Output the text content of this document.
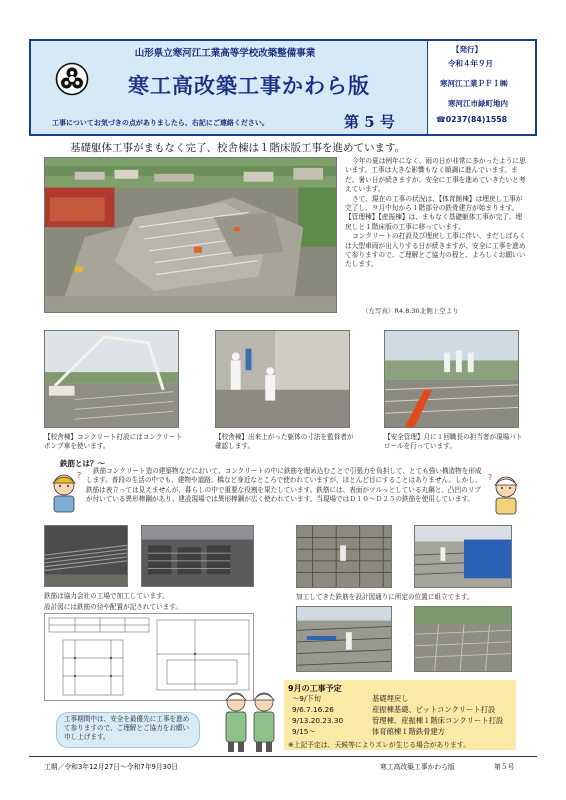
山形県立寒河江工業高等学校改築整備事業
寒工高改築工事かわら版
工事についてお気づきの点がありましたら、右記にご連絡ください。	第 5 号
【発行】
令和４年９月
寒河江工業ＰＦＩ㈱
寒河江市緑町地内
☎0237(84)1558
基礎躯体工事がまもなく完了、校舎棟は１階床版工事を進めています。

今年の夏は例年になく、雨の日が非常に多かったように思います。工事は大きな影響もなく順調に進んでいます。まだ、暑い日が続きますが、安全に工事を進めていきたいと考えています。

さて、現在の工事の状況は、【体育館棟】は埋戻し工事が完了し、９月中旬から１階部分の鉄骨建方が始まります。【管理棟】【産振棟】は、まもなく基礎躯体工事が完了、埋戻しと１階床版の工事に移っています。

コンクリートの打設及び埋戻し工事に伴い、まだしばらくは大型車両が出入りする日が続きますが、安全に工事を進めて参りますので、ご理解とご協力の程と、よろしくお願いいたします。

（左写真）R4.8.30北側上空より
【校舎棟】コンクリート打設にはコンクリートポンプ車を使います。
【校舎棟】出来上がった躯体の寸法を監督者が確認します。
【安全管理】月に１回職長の担当者が現場パトロールを行っています。
鉄筋とは？～
?	?
鉄筋コンクリート造の建築物などにおいて、コンクリートの中に鉄筋を埋め込むことで引張力を負担して、とても強い構造物を形成します。普段の生活の中でも、建物や道路、橋など身近なところで使われていますが、ほとんど目にすることはありません。しかし、鉄筋は表立っては見えませんが、暮らしの中で重要な役割を果たしています。鉄筋には、表面がツルっとしている丸鋼と、凸凹のリブが付いている異形棒鋼があり、建設現場では異形棒鋼が広く使われています。当現場ではＤ１０～Ｄ２５の鉄筋を使用しています。
鉄筋は協力会社の工場で加工しています。
設計図には鉄筋の径や配置が記されています。
加工してきた鉄筋を設計図通りに所定の位置に組立てます。
工事期間中は、安全を最優先に工事を進めて参りますので、ご理解とご協力をお願い申し上げます。
9月の工事予定
～9/下旬	基礎埋戻し
9/6.7.16.26	産振棟基礎、ピットコンクリート打設
9/13.20.23.30	管理棟、産振棟１階床コンクリート打設
9/15～	体育館棟１階鉄骨建方
※上記予定は、天候等によりズレが生じる場合があります。
工期／令和3年12月27日～令和7年9月30日	寒工高改築工事かわら版	第５号
